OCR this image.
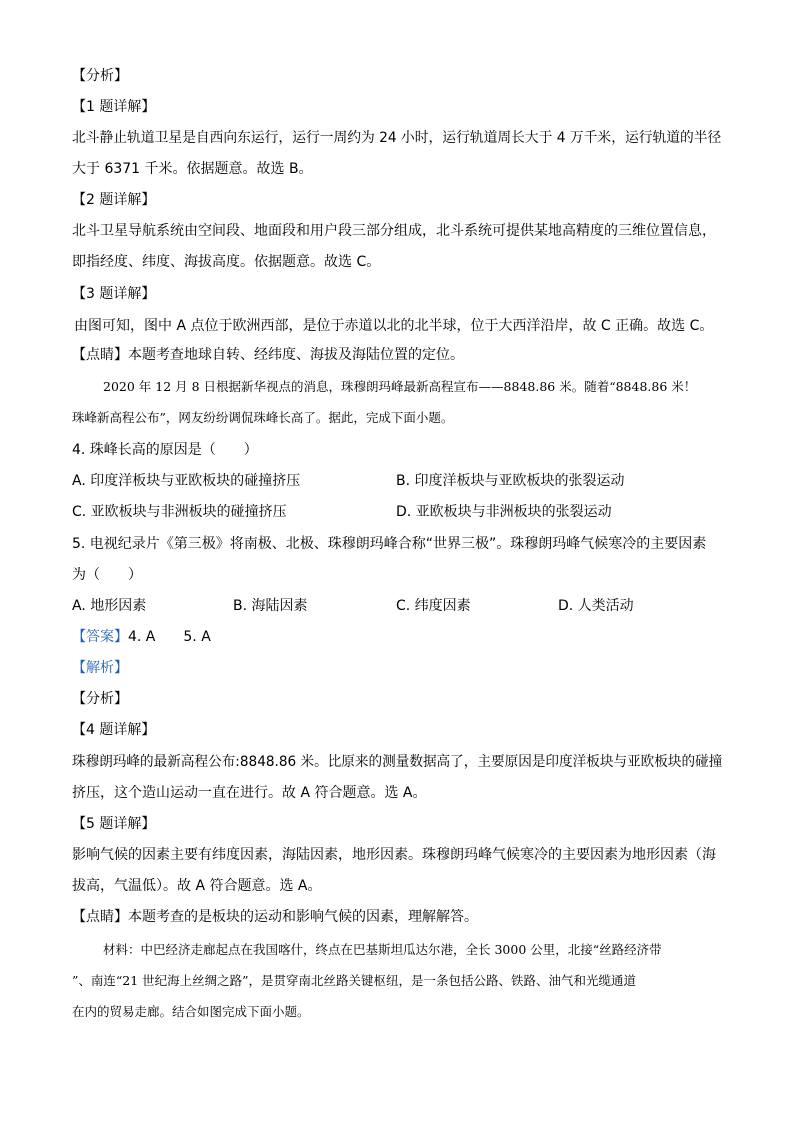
【分析】
【1 题详解】
北斗静止轨道卫星是自西向东运行，运行一周约为 24 小时，运行轨道周长大于 4 万千米，运行轨道的半径
大于 6371 千米。依据题意。故选 B。
【2 题详解】
北斗卫星导航系统由空间段、地面段和用户段三部分组成，北斗系统可提供某地高精度的三维位置信息，
即指经度、纬度、海拔高度。依据题意。故选 C。
【3 题详解】
由图可知，图中 A 点位于欧洲西部，是位于赤道以北的北半球，位于大西洋沿岸，故 C 正确。故选 C。
【点睛】本题考查地球自转、经纬度、海拔及海陆位置的定位。
2020 年 12 月 8 日根据新华视点的消息，珠穆朗玛峰最新高程宣布——8848.86 米。随着“8848.86 米！
珠峰新高程公布”，网友纷纷调侃珠峰长高了。据此，完成下面小题。
4. 珠峰长高的原因是（　　）
A. 印度洋板块与亚欧板块的碰撞挤压	B. 印度洋板块与亚欧板块的张裂运动
C. 亚欧板块与非洲板块的碰撞挤压	D. 亚欧板块与非洲板块的张裂运动
5. 电视纪录片《第三极》将南极、北极、珠穆朗玛峰合称“世界三极”。珠穆朗玛峰气候寒冷的主要因素
为（　　）
A. 地形因素	B. 海陆因素	C. 纬度因素	D. 人类活动
【答案】4. A　　5. A
【解析】
【分析】
【4 题详解】
珠穆朗玛峰的最新高程公布:8848.86 米。比原来的测量数据高了，主要原因是印度洋板块与亚欧板块的碰撞
挤压，这个造山运动一直在进行。故 A 符合题意。选 A。
【5 题详解】
影响气候的因素主要有纬度因素，海陆因素，地形因素。珠穆朗玛峰气候寒冷的主要因素为地形因素（海
拔高，气温低）。故 A 符合题意。选 A。
【点睛】本题考查的是板块的运动和影响气候的因素，理解解答。
材料：中巴经济走廊起点在我国喀什，终点在巴基斯坦瓜达尔港，全长 3000 公里，北接“丝路经济带
”、南连“21 世纪海上丝绸之路”，是贯穿南北丝路关键枢纽，是一条包括公路、铁路、油气和光缆通道
在内的贸易走廊。结合如图完成下面小题。
